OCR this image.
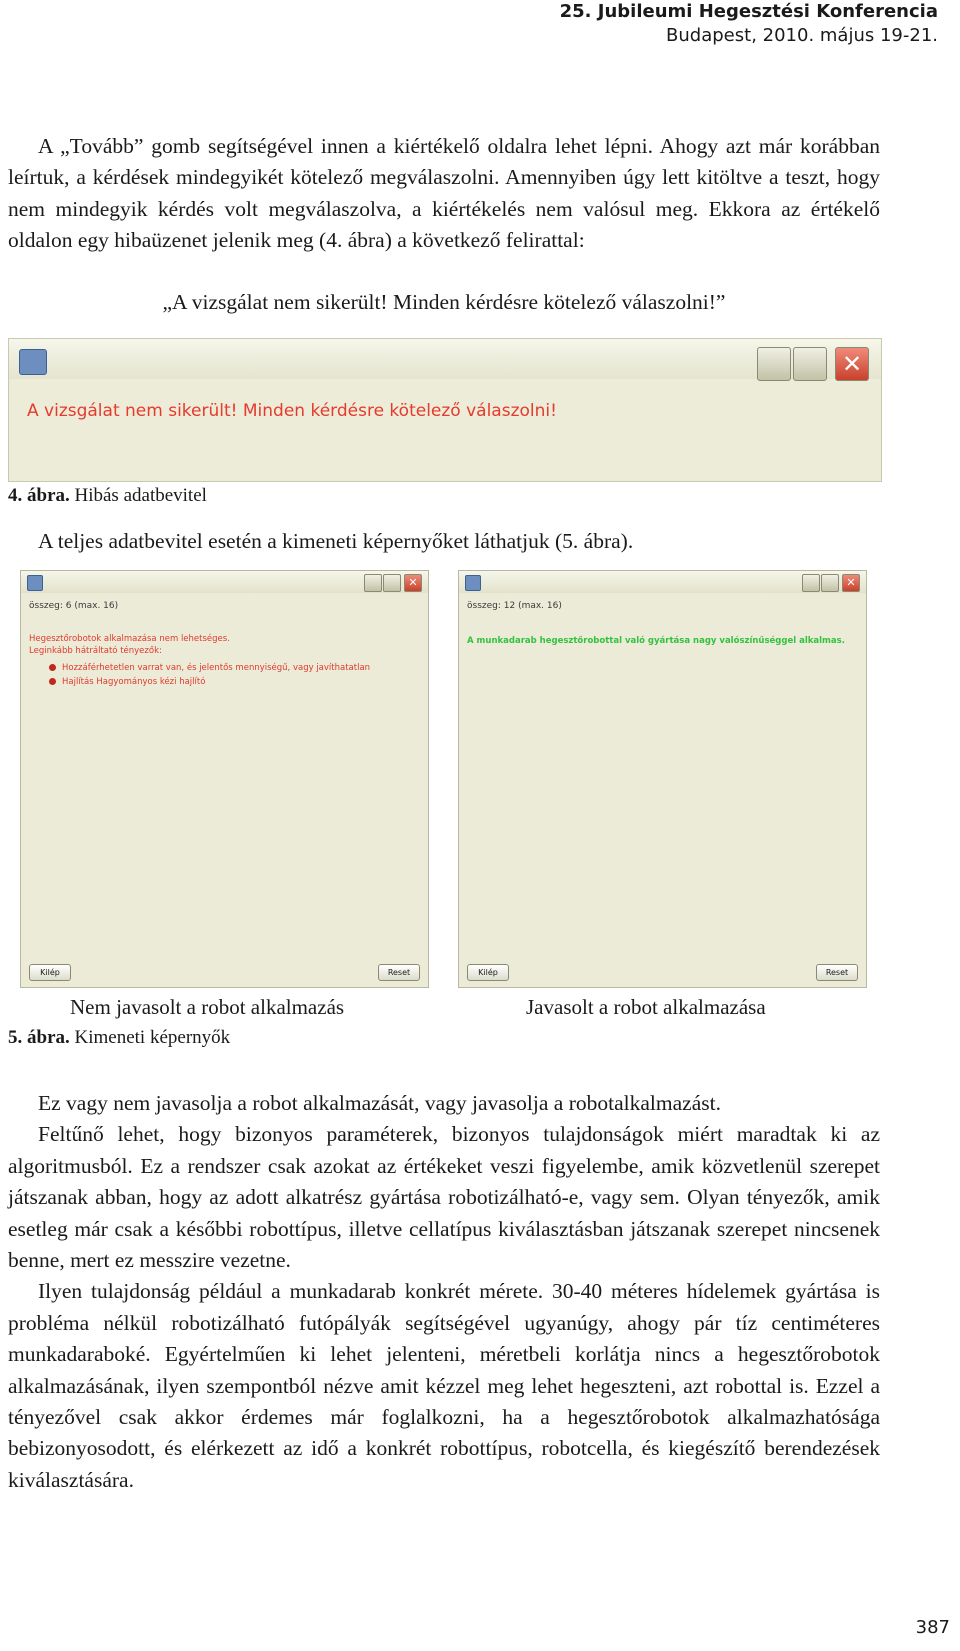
25. Jubileumi Hegesztési Konferencia
Budapest, 2010. május 19-21.

A „Tovább” gomb segítségével innen a kiértékelő oldalra lehet lépni. Ahogy azt már korábban leírtuk, a kérdések mindegyikét kötelező megválaszolni. Amennyiben úgy lett kitöltve a teszt, hogy nem mindegyik kérdés volt megválaszolva, a kiértékelés nem valósul meg. Ekkora az értékelő oldalon egy hibaüzenet jelenik meg (4. ábra) a következő felirattal:

„A vizsgálat nem sikerült! Minden kérdésre kötelező válaszolni!”
✕
A vizsgálat nem sikerült! Minden kérdésre kötelező válaszolni!
4. ábra. Hibás adatbevitel
A teljes adatbevitel esetén a kimeneti képernyőket láthatjuk (5. ábra).
✕
összeg: 6 (max. 16)
Hegesztőrobotok alkalmazása nem lehetséges.
Leginkább hátráltató tényezők:
Hozzáférhetetlen varrat van, és jelentős mennyiségű, vagy javíthatatlan
Hajlítás Hagyományos kézi hajlító
Kilép	Reset
✕
összeg: 12 (max. 16)
A munkadarab hegesztőrobottal való gyártása nagy valószínűséggel alkalmas.
Kilép	Reset
Nem javasolt a robot alkalmazás	Javasolt a robot alkalmazása
5. ábra. Kimeneti képernyők

Ez vagy nem javasolja a robot alkalmazását, vagy javasolja a robotalkalmazást.

Feltűnő lehet, hogy bizonyos paraméterek, bizonyos tulajdonságok miért maradtak ki az algoritmusból. Ez a rendszer csak azokat az értékeket veszi figyelembe, amik közvetlenül szerepet játszanak abban, hogy az adott alkatrész gyártása robotizálható-e, vagy sem. Olyan tényezők, amik esetleg már csak a későbbi robottípus, illetve cellatípus kiválasztásban játszanak szerepet nincsenek benne, mert ez messzire vezetne.

Ilyen tulajdonság például a munkadarab konkrét mérete. 30-40 méteres hídelemek gyártása is probléma nélkül robotizálható futópályák segítségével ugyanúgy, ahogy pár tíz centiméteres munkadaraboké. Egyértelműen ki lehet jelenteni, méretbeli korlátja nincs a hegesztőrobotok alkalmazásának, ilyen szempontból nézve amit kézzel meg lehet hegeszteni, azt robottal is. Ezzel a tényezővel csak akkor érdemes már foglalkozni, ha a hegesztőrobotok alkalmazhatósága bebizonyosodott, és elérkezett az idő a konkrét robottípus, robotcella, és kiegészítő berendezések kiválasztására.

387
